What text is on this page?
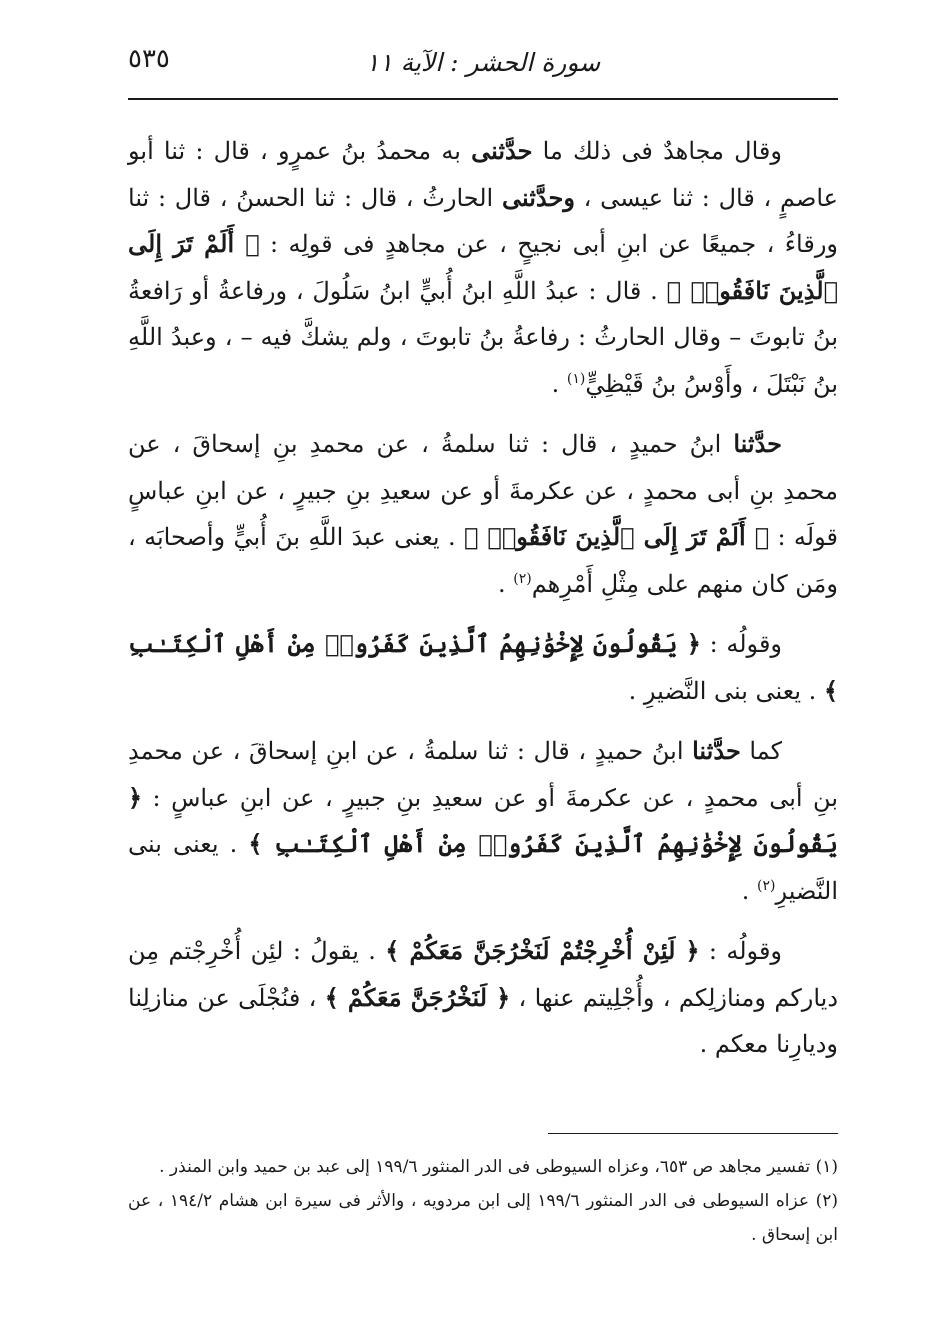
٥٣٥	سورة الحشر : الآية ١١

وقال مجاهدٌ فى ذلك ما حدَّثنى به محمدُ بنُ عمرٍو ، قال : ثنا أبو عاصمٍ ، قال : ثنا عيسى ، وحدَّثنى الحارثُ ، قال : ثنا الحسنُ ، قال : ثنا ورقاءُ ، جميعًا عن ابنِ أبى نجيحٍ ، عن مجاهدٍ فى قولِه : ﴿ أَلَمْ تَرَ إِلَى ٱلَّذِينَ نَافَقُوا۟ ﴾ . قال : عبدُ اللَّهِ ابنُ أُبيٍّ ابنُ سَلُولَ ، ورفاعةُ أو رَافعةُ بنُ تابوتَ – وقال الحارثُ : رفاعةُ بنُ تابوتَ ، ولم يشكَّ فيه – ، وعبدُ اللَّهِ بنُ نَبْتَلَ ، وأَوْسُ بنُ قَيْظِيٍّ$^{(١)}$ .

حدَّثنا ابنُ حميدٍ ، قال : ثنا سلمةُ ، عن محمدِ بنِ إسحاقَ ، عن محمدِ بنِ أبى محمدٍ ، عن عكرمةَ أو عن سعيدِ بنِ جبيرٍ ، عن ابنِ عباسٍ قولَه : ﴿ أَلَمْ تَرَ إِلَى ٱلَّذِينَ نَافَقُوا۟ ﴾ . يعنى عبدَ اللَّهِ بنَ أُبيٍّ وأصحابَه ، ومَن كان منهم على مِثْلِ أَمْرِهم$^{(٢)}$ .

وقولُه : ﴿ يَقُولُونَ لِإِخْوَٰنِهِمُ ٱلَّذِينَ كَفَرُوا۟ مِنْ أَهْلِ ٱلْكِتَـٰبِ ﴾ . يعنى بنى النَّضيرِ .

كما حدَّثنا ابنُ حميدٍ ، قال : ثنا سلمةُ ، عن ابنِ إسحاقَ ، عن محمدِ بنِ أبى محمدٍ ، عن عكرمةَ أو عن سعيدِ بنِ جبيرٍ ، عن ابنِ عباسٍ : ﴿ يَقُولُونَ لِإِخْوَٰنِهِمُ ٱلَّذِينَ كَفَرُوا۟ مِنْ أَهْلِ ٱلْكِتَـٰبِ ﴾ . يعنى بنى النَّضيرِ$^{(٢)}$ .

وقولُه : ﴿ لَئِنْ أُخْرِجْتُمْ لَنَخْرُجَنَّ مَعَكُمْ ﴾ . يقولُ : لئِن أُخْرِجْتم مِن دياركم ومنازلِكم ، وأُجْلِيتم عنها ، ﴿ لَنَخْرُجَنَّ مَعَكُمْ ﴾ ، فنُجْلَى عن منازلِنا وديارِنا معكم .

(١) تفسير مجاهد ص ٦٥٣، وعزاه السيوطى فى الدر المنثور ١٩٩/٦ إلى عبد بن حميد وابن المنذر .

(٢) عزاه السيوطى فى الدر المنثور ١٩٩/٦ إلى ابن مردويه ، والأثر فى سيرة ابن هشام ١٩٤/٢ ، عن ابن إسحاق .
